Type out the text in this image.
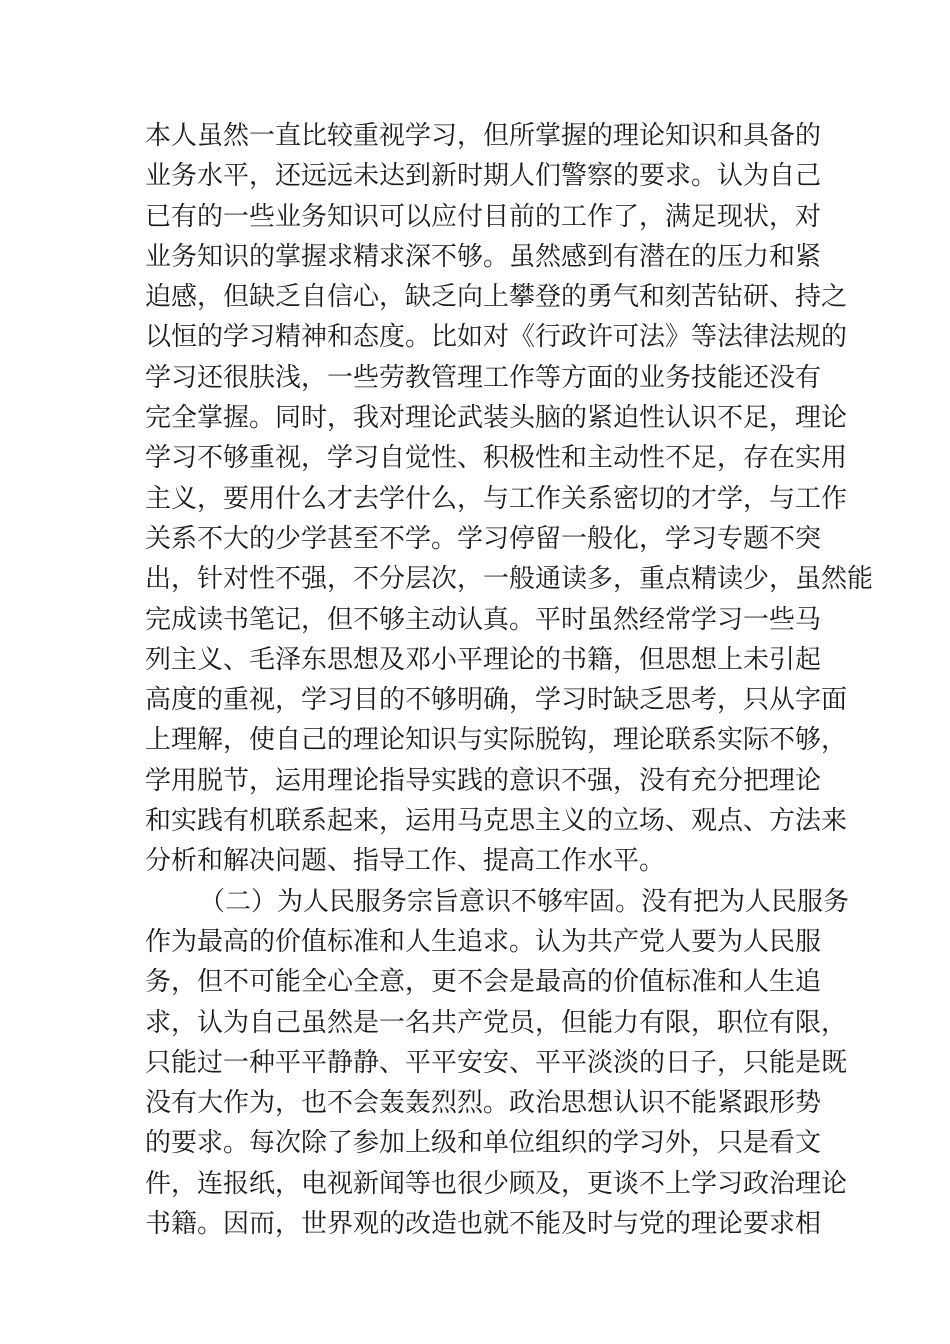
本人虽然一直比较重视学习，但所掌握的理论知识和具备的
业务水平，还远远未达到新时期人们警察的要求。认为自己
已有的一些业务知识可以应付目前的工作了，满足现状，对
业务知识的掌握求精求深不够。虽然感到有潜在的压力和紧
迫感，但缺乏自信心，缺乏向上攀登的勇气和刻苦钻研、持之
以恒的学习精神和态度。比如对《行政许可法》等法律法规的
学习还很肤浅，一些劳教管理工作等方面的业务技能还没有
完全掌握。同时，我对理论武装头脑的紧迫性认识不足，理论
学习不够重视，学习自觉性、积极性和主动性不足，存在实用
主义，要用什么才去学什么，与工作关系密切的才学，与工作
关系不大的少学甚至不学。学习停留一般化，学习专题不突
出，针对性不强，不分层次，一般通读多，重点精读少，虽然能
完成读书笔记，但不够主动认真。平时虽然经常学习一些马
列主义、毛泽东思想及邓小平理论的书籍，但思想上未引起
高度的重视，学习目的不够明确，学习时缺乏思考，只从字面
上理解，使自己的理论知识与实际脱钩，理论联系实际不够，
学用脱节，运用理论指导实践的意识不强，没有充分把理论
和实践有机联系起来，运用马克思主义的立场、观点、方法来
分析和解决问题、指导工作、提高工作水平。
（二）为人民服务宗旨意识不够牢固。没有把为人民服务
作为最高的价值标准和人生追求。认为共产党人要为人民服
务，但不可能全心全意，更不会是最高的价值标准和人生追
求，认为自己虽然是一名共产党员，但能力有限，职位有限，
只能过一种平平静静、平平安安、平平淡淡的日子，只能是既
没有大作为，也不会轰轰烈烈。政治思想认识不能紧跟形势
的要求。每次除了参加上级和单位组织的学习外，只是看文
件，连报纸，电视新闻等也很少顾及，更谈不上学习政治理论
书籍。因而，世界观的改造也就不能及时与党的理论要求相
